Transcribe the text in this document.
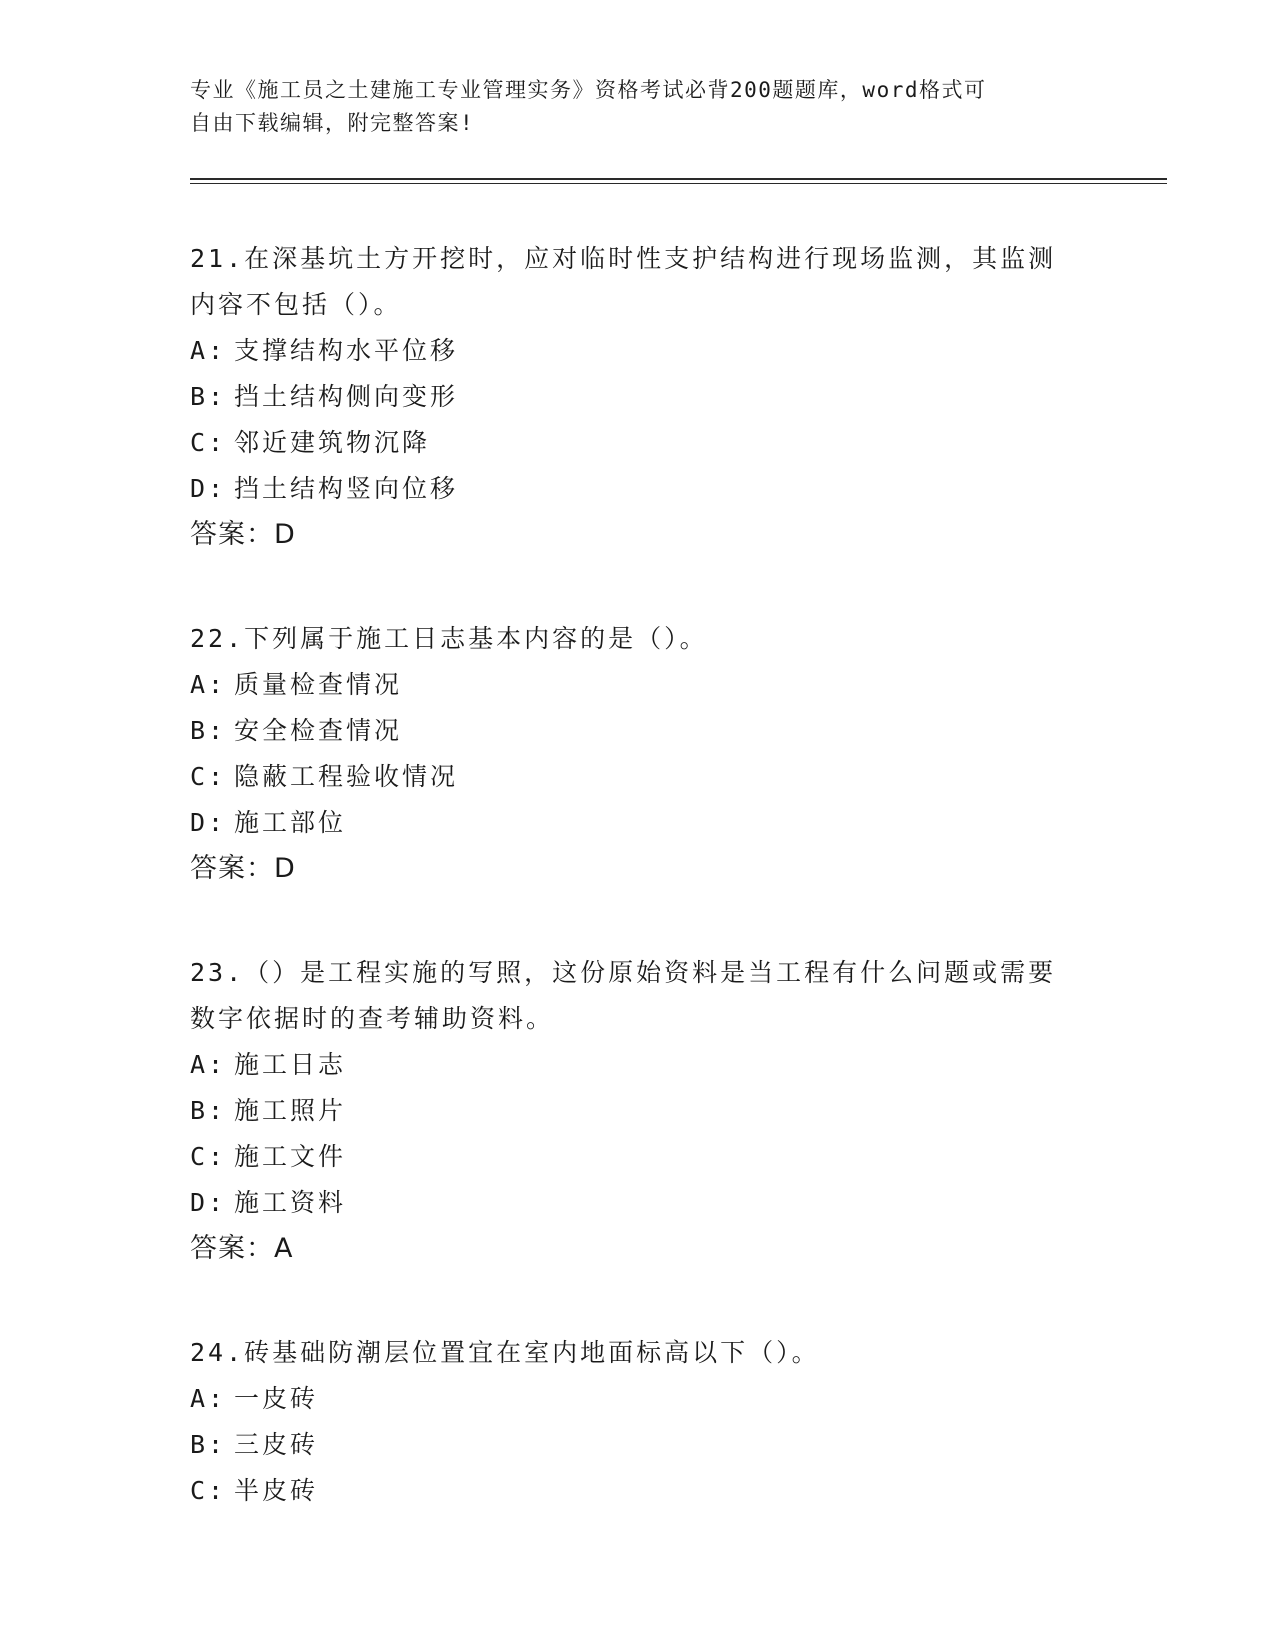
专业《施工员之土建施工专业管理实务》资格考试必背200题题库，word格式可
自由下载编辑，附完整答案!
21.在深基坑土方开挖时，应对临时性支护结构进行现场监测，其监测
内容不包括（）。
A: 支撑结构水平位移
B: 挡土结构侧向变形
C: 邻近建筑物沉降
D: 挡土结构竖向位移
答案：D
22.下列属于施工日志基本内容的是（）。
A: 质量检查情况
B: 安全检查情况
C: 隐蔽工程验收情况
D: 施工部位
答案：D
23.（）是工程实施的写照，这份原始资料是当工程有什么问题或需要
数字依据时的查考辅助资料。
A: 施工日志
B: 施工照片
C: 施工文件
D: 施工资料
答案：A
24.砖基础防潮层位置宜在室内地面标高以下（）。
A: 一皮砖
B: 三皮砖
C: 半皮砖
